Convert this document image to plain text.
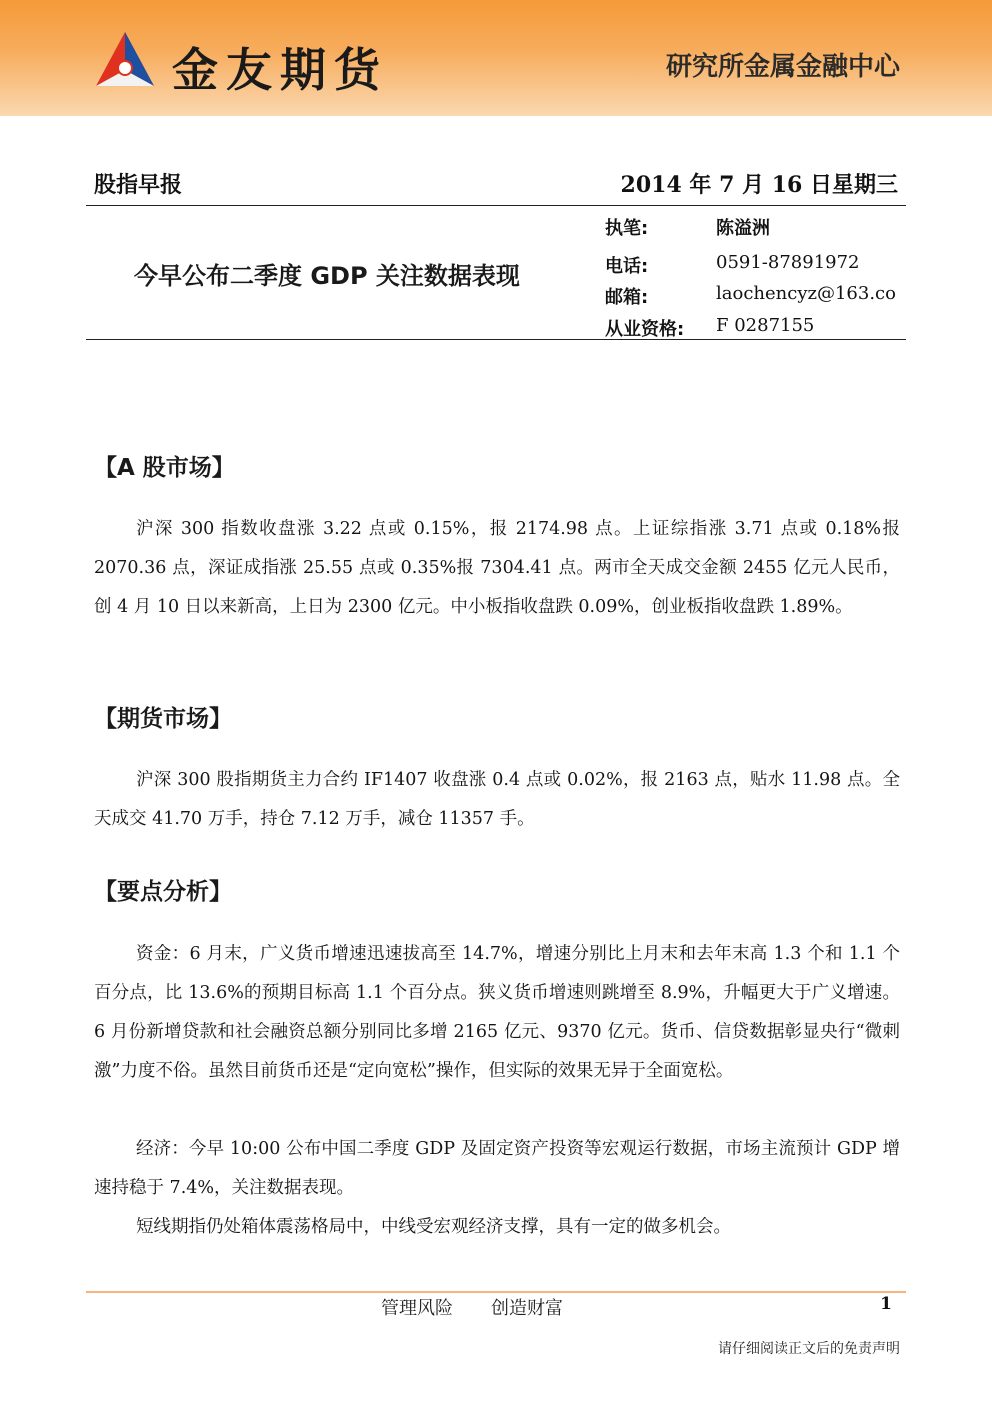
金友期货	研究所金属金融中心
股指早报	2014 年 7 月 16 日星期三
今早公布二季度 GDP 关注数据表现
执笔:	陈溢洲
电话:	0591-87891972
邮箱:	laochencyz@163.co
从业资格: F 0287155
【A 股市场】

沪深 300 指数收盘涨 3.22 点或 0.15%，报 2174.98 点。上证综指涨 3.71 点或 0.18%报 2070.36 点，深证成指涨 25.55 点或 0.35%报 7304.41 点。两市全天成交金额 2455 亿元人民币，创 4 月 10 日以来新高，上日为 2300 亿元。中小板指收盘跌 0.09%，创业板指收盘跌 1.89%。

【期货市场】

沪深 300 股指期货主力合约 IF1407 收盘涨 0.4 点或 0.02%，报 2163 点，贴水 11.98 点。全天成交 41.70 万手，持仓 7.12 万手，减仓 11357 手。

【要点分析】

资金：6 月末，广义货币增速迅速拔高至 14.7%，增速分别比上月末和去年末高 1.3 个和 1.1 个百分点，比 13.6%的预期目标高 1.1 个百分点。狭义货币增速则跳增至 8.9%，升幅更大于广义增速。6 月份新增贷款和社会融资总额分别同比多增 2165 亿元、9370 亿元。货币、信贷数据彰显央行“微刺激”力度不俗。虽然目前货币还是“定向宽松”操作，但实际的效果无异于全面宽松。

经济：今早 10:00 公布中国二季度 GDP 及固定资产投资等宏观运行数据，市场主流预计 GDP 增速持稳于 7.4%，关注数据表现。

短线期指仍处箱体震荡格局中，中线受宏观经济支撑，具有一定的做多机会。

管理风险 创造财富	1
请仔细阅读正文后的免责声明
